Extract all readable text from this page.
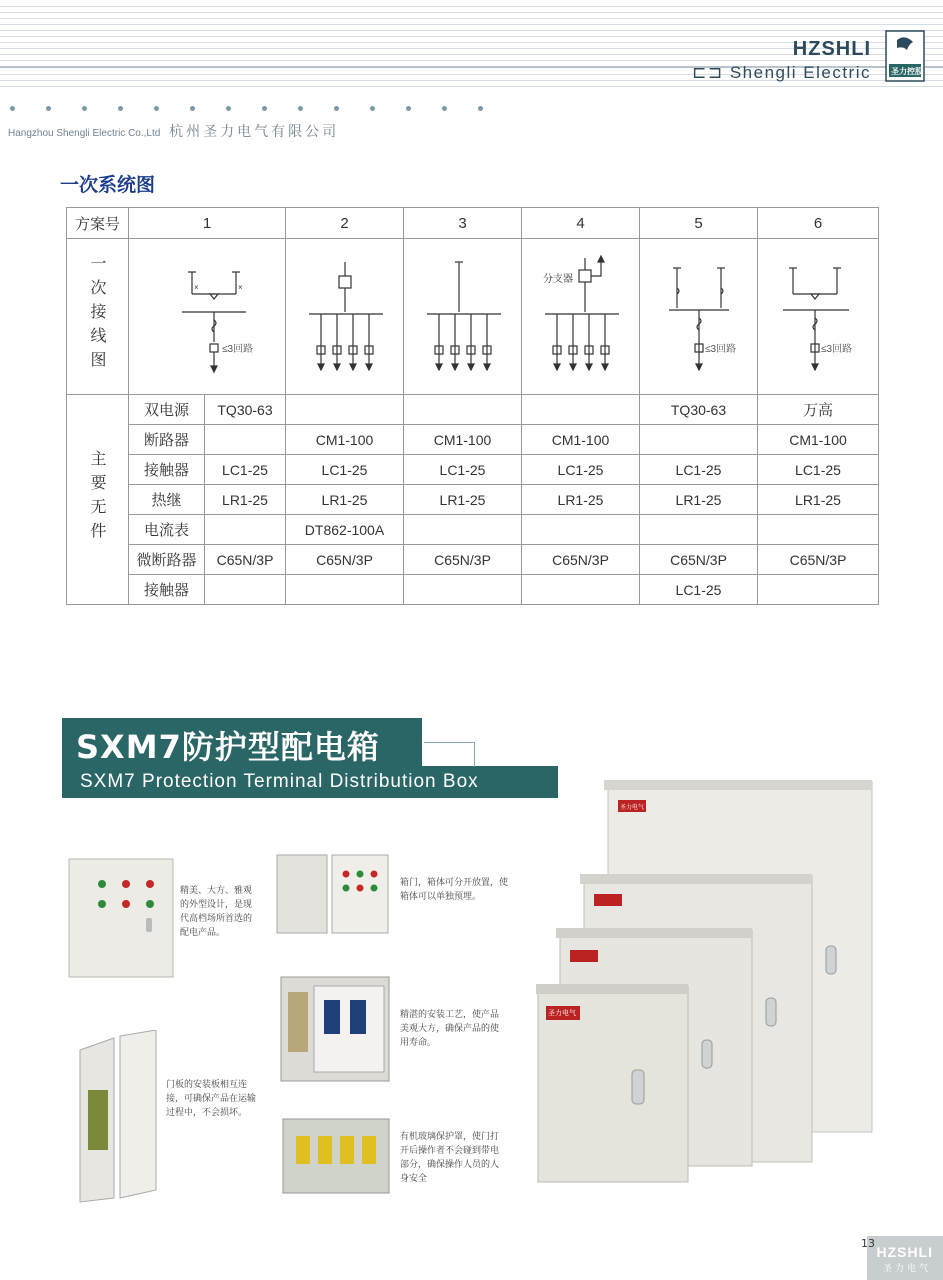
HZSHLI
⊏⊐ Shengli Electric	圣力控股
Hangzhou Shengli Electric Co.,Ltd 杭州圣力电气有限公司
一次系统图
方案号	1		2	3	4	5	6
一次接线图	× ×
≤3回路				分支器	≤3回路	≤3回路

主要无件	双电源	TQ30-63				TQ30-63	万高
	断路器		CM1-100	CM1-100	CM1-100		CM1-100
	接触器	LC1-25	LC1-25	LC1-25	LC1-25	LC1-25	LC1-25
	热继	LR1-25	LR1-25	LR1-25	LR1-25	LR1-25	LR1-25
	电流表		DT862-100A				
	微断路器	C65N/3P	C65N/3P	C65N/3P	C65N/3P	C65N/3P	C65N/3P
	接触器					LC1-25	
SXM7防护型配电箱
SXM7 Protection Terminal Distribution Box
精美、大方、雅观的外型设计，是现代高档场所首选的配电产品。
箱门，箱体可分开放置，使箱体可以单独预埋。
精湛的安装工艺，使产品美观大方，确保产品的使用寿命。
门板的安装板相互连接，可确保产品在运输过程中，不会损坏。
有机玻璃保护罩，使门打开后操作者不会碰到带电部分，确保操作人员的人身安全
圣力电气
圣力电气
HZSHLI
圣力电气
13
